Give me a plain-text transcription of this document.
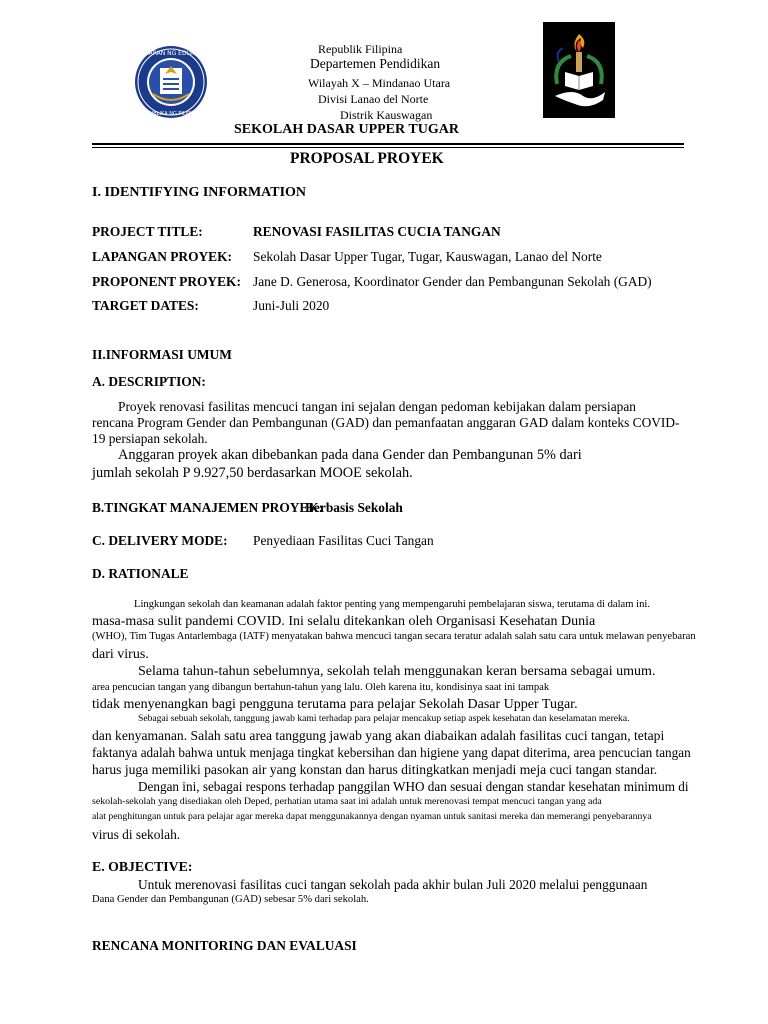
KAGAWARAN NG EDUKASYON
REPUBLIKA NG PILIPINAS
Republik Filipina
Departemen Pendidikan
Wilayah X – Mindanao Utara
Divisi Lanao del Norte
Distrik Kauswagan
SEKOLAH DASAR UPPER TUGAR
PROPOSAL PROYEK
I. IDENTIFYING INFORMATION
PROJECT TITLE:	RENOVASI FASILITAS CUCIA TANGAN
LAPANGAN PROYEK: Sekolah Dasar Upper Tugar, Tugar, Kauswagan, Lanao del Norte
PROPONENT PROYEK: Jane D. Generosa, Koordinator Gender dan Pembangunan Sekolah (GAD)
TARGET DATES:	Juni-Juli 2020
II.INFORMASI UMUM
A. DESCRIPTION:
Proyek renovasi fasilitas mencuci tangan ini sejalan dengan pedoman kebijakan dalam persiapan
rencana Program Gender dan Pembangunan (GAD) dan pemanfaatan anggaran GAD dalam konteks COVID-
19 persiapan sekolah.
Anggaran proyek akan dibebankan pada dana Gender dan Pembangunan 5% dari
jumlah sekolah P 9.927,50 berdasarkan MOOE sekolah.
B.TINGKAT MANAJEMEN PROYEK:
Berbasis Sekolah
C. DELIVERY MODE: Penyediaan Fasilitas Cuci Tangan
D. RATIONALE
Lingkungan sekolah dan keamanan adalah faktor penting yang mempengaruhi pembelajaran siswa, terutama di dalam ini.
masa-masa sulit pandemi COVID. Ini selalu ditekankan oleh Organisasi Kesehatan Dunia
(WHO), Tim Tugas Antarlembaga (IATF) menyatakan bahwa mencuci tangan secara teratur adalah salah satu cara untuk melawan penyebaran
dari virus.
Selama tahun-tahun sebelumnya, sekolah telah menggunakan keran bersama sebagai umum.
area pencucian tangan yang dibangun bertahun-tahun yang lalu. Oleh karena itu, kondisinya saat ini tampak
tidak menyenangkan bagi pengguna terutama para pelajar Sekolah Dasar Upper Tugar.
Sebagai sebuah sekolah, tanggung jawab kami terhadap para pelajar mencakup setiap aspek kesehatan dan keselamatan mereka.
dan kenyamanan. Salah satu area tanggung jawab yang akan diabaikan adalah fasilitas cuci tangan, tetapi
faktanya adalah bahwa untuk menjaga tingkat kebersihan dan higiene yang dapat diterima, area pencucian tangan
harus juga memiliki pasokan air yang konstan dan harus ditingkatkan menjadi meja cuci tangan standar.
Dengan ini, sebagai respons terhadap panggilan WHO dan sesuai dengan standar kesehatan minimum di
sekolah-sekolah yang disediakan oleh Deped, perhatian utama saat ini adalah untuk merenovasi tempat mencuci tangan yang ada
alat penghitungan untuk para pelajar agar mereka dapat menggunakannya dengan nyaman untuk sanitasi mereka dan memerangi penyebarannya
virus di sekolah.
E. OBJECTIVE:
Untuk merenovasi fasilitas cuci tangan sekolah pada akhir bulan Juli 2020 melalui penggunaan
Dana Gender dan Pembangunan (GAD) sebesar 5% dari sekolah.
RENCANA MONITORING DAN EVALUASI
